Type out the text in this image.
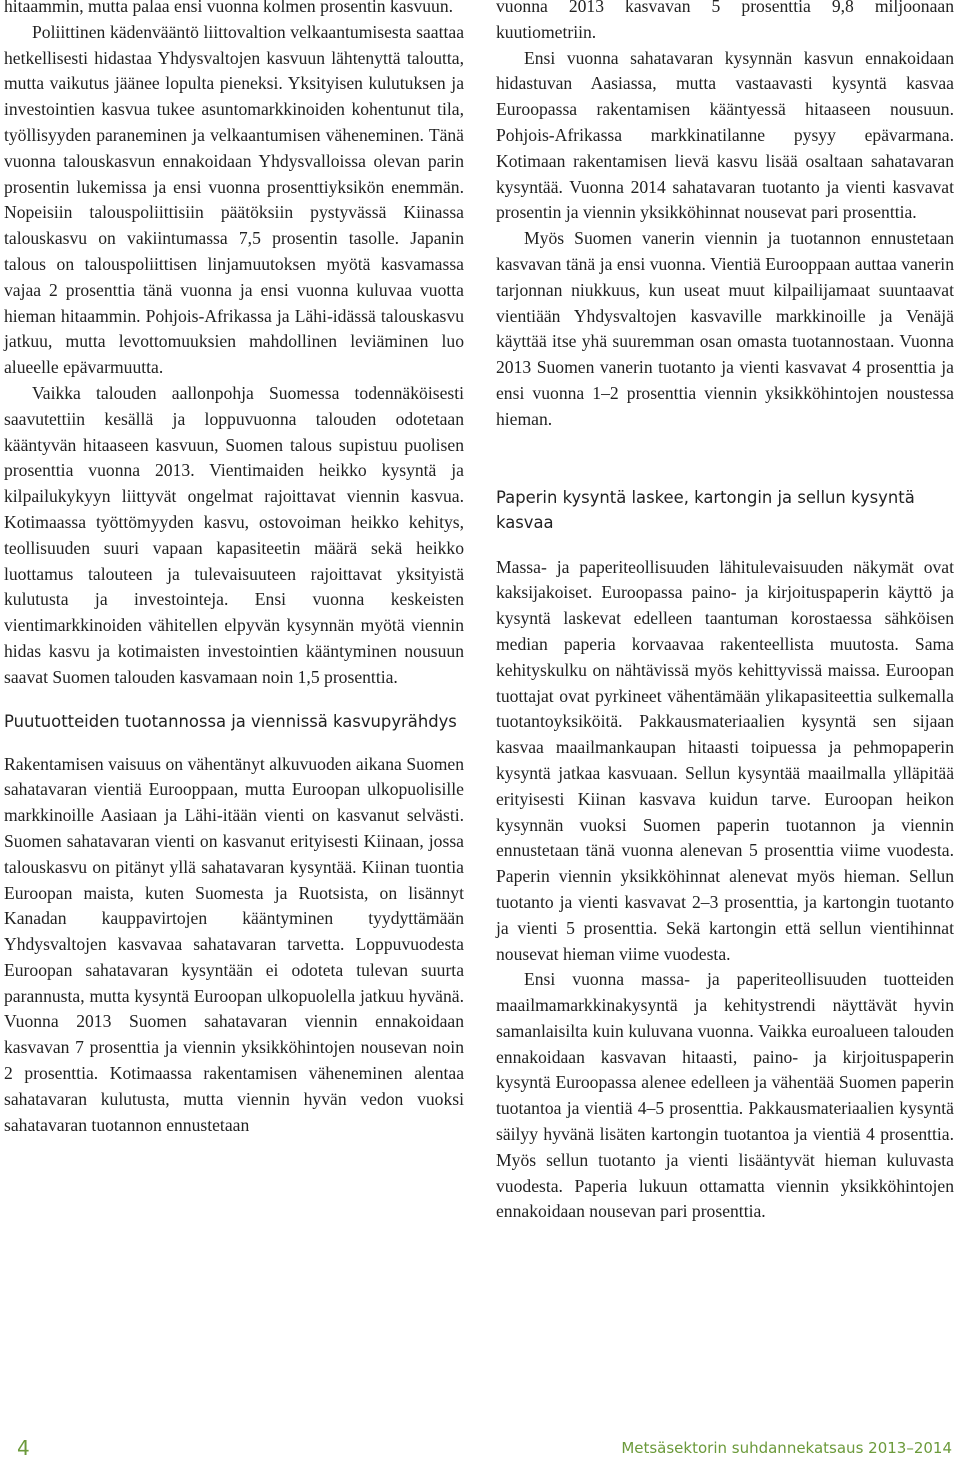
hitaammin, mutta palaa ensi vuonna kolmen prosentin kasvuun.

Poliittinen kädenvääntö liittovaltion velkaantumisesta saattaa hetkellisesti hidastaa Yhdysvaltojen kasvuun lähtenyttä taloutta, mutta vaikutus jäänee lopulta pieneksi. Yksityisen kulutuksen ja investointien kasvua tukee asuntomarkkinoiden kohentunut tila, työllisyyden paraneminen ja velkaantumisen väheneminen. Tänä vuonna talouskasvun ennakoidaan Yhdysvalloissa olevan parin prosentin lukemissa ja ensi vuonna prosenttiyksikön enemmän. Nopeisiin talouspoliittisiin päätöksiin pystyvässä Kiinassa talouskasvu on vakiintumassa 7,5 prosentin tasolle. Japanin talous on talouspoliittisen linjamuutoksen myötä kasvamassa vajaa 2 prosenttia tänä vuonna ja ensi vuonna kuluvaa vuotta hieman hitaammin. Pohjois-Afrikassa ja Lähi-idässä talouskasvu jatkuu, mutta levottomuuksien mahdollinen leviäminen luo alueelle epävarmuutta.

Vaikka talouden aallonpohja Suomessa todennäköisesti saavutettiin kesällä ja loppuvuonna talouden odotetaan kääntyvän hitaaseen kasvuun, Suomen talous supistuu puolisen prosenttia vuonna 2013. Vientimaiden heikko kysyntä ja kilpailukykyyn liittyvät ongelmat rajoittavat viennin kasvua. Kotimaassa työttömyyden kasvu, ostovoiman heikko kehitys, teollisuuden suuri vapaan kapasiteetin määrä sekä heikko luottamus talouteen ja tulevaisuuteen rajoittavat yksityistä kulutusta ja investointeja. Ensi vuonna keskeisten vientimarkkinoiden vähitellen elpyvän kysynnän myötä viennin hidas kasvu ja kotimaisten investointien kääntyminen nousuun saavat Suomen talouden kasvamaan noin 1,5 prosenttia.

Puutuotteiden tuotannossa ja viennissä kasvupyrähdys

Rakentamisen vaisuus on vähentänyt alkuvuoden aikana Suomen sahatavaran vientiä Eurooppaan, mutta Euroopan ulkopuolisille markkinoille Aasiaan ja Lähi-itään vienti on kasvanut selvästi. Suomen sahatavaran vienti on kasvanut erityisesti Kiinaan, jossa talouskasvu on pitänyt yllä sahatavaran kysyntää. Kiinan tuontia Euroopan maista, kuten Suomesta ja Ruotsista, on lisännyt Kanadan kauppavirtojen kääntyminen tyydyttämään Yhdysvaltojen kasvavaa sahatavaran tarvetta. Loppuvuodesta Euroopan sahatavaran kysyntään ei odoteta tulevan suurta parannusta, mutta kysyntä Euroopan ulkopuolella jatkuu hyvänä. Vuonna 2013 Suomen sahatavaran viennin ennakoidaan kasvavan 7 prosenttia ja viennin yksikköhintojen nousevan noin 2 prosenttia. Kotimaassa rakentamisen väheneminen alentaa sahatavaran kulutusta, mutta viennin hyvän vedon vuoksi sahatavaran tuotannon ennustetaan

vuonna 2013 kasvavan 5 prosenttia 9,8 miljoonaan kuutiometriin.

Ensi vuonna sahatavaran kysynnän kasvun ennakoidaan hidastuvan Aasiassa, mutta vastaavasti kysyntä kasvaa Euroopassa rakentamisen kääntyessä hitaaseen nousuun. Pohjois-Afrikassa markkinatilanne pysyy epävarmana. Kotimaan rakentamisen lievä kasvu lisää osaltaan sahatavaran kysyntää. Vuonna 2014 sahatavaran tuotanto ja vienti kasvavat prosentin ja viennin yksikköhinnat nousevat pari prosenttia.

Myös Suomen vanerin viennin ja tuotannon ennustetaan kasvavan tänä ja ensi vuonna. Vientiä Eurooppaan auttaa vanerin tarjonnan niukkuus, kun useat muut kilpailijamaat suuntaavat vientiään Yhdysvaltojen kasvaville markkinoille ja Venäjä käyttää itse yhä suuremman osan omasta tuotannostaan. Vuonna 2013 Suomen vanerin tuotanto ja vienti kasvavat 4 prosenttia ja ensi vuonna 1–2 prosenttia viennin yksikköhintojen noustessa hieman.

Paperin kysyntä laskee, kartongin ja sellun kysyntä kasvaa

Massa- ja paperiteollisuuden lähitulevaisuuden näkymät ovat kaksijakoiset. Euroopassa paino- ja kirjoituspaperin käyttö ja kysyntä laskevat edelleen taantuman korostaessa sähköisen median paperia korvaavaa rakenteellista muutosta. Sama kehityskulku on nähtävissä myös kehittyvissä maissa. Euroopan tuottajat ovat pyrkineet vähentämään ylikapasiteettia sulkemalla tuotantoyksiköitä. Pakkausmateriaalien kysyntä sen sijaan kasvaa maailmankaupan hitaasti toipuessa ja pehmopaperin kysyntä jatkaa kasvuaan. Sellun kysyntää maailmalla ylläpitää erityisesti Kiinan kasvava kuidun tarve. Euroopan heikon kysynnän vuoksi Suomen paperin tuotannon ja viennin ennustetaan tänä vuonna alenevan 5 prosenttia viime vuodesta. Paperin viennin yksikköhinnat alenevat myös hieman. Sellun tuotanto ja vienti kasvavat 2–3 prosenttia, ja kartongin tuotanto ja vienti 5 prosenttia. Sekä kartongin että sellun vientihinnat nousevat hieman viime vuodesta.

Ensi vuonna massa- ja paperiteollisuuden tuotteiden maailmamarkkinakysyntä ja kehitystrendi näyttävät hyvin samanlaisilta kuin kuluvana vuonna. Vaikka euroalueen talouden ennakoidaan kasvavan hitaasti, paino- ja kirjoituspaperin kysyntä Euroopassa alenee edelleen ja vähentää Suomen paperin tuotantoa ja vientiä 4–5 prosenttia. Pakkausmateriaalien kysyntä säilyy hyvänä lisäten kartongin tuotantoa ja vientiä 4 prosenttia. Myös sellun tuotanto ja vienti lisääntyvät hieman kuluvasta vuodesta. Paperia lukuun ottamatta viennin yksikköhintojen ennakoidaan nousevan pari prosenttia.

4	Metsäsektorin suhdannekatsaus 2013–2014
